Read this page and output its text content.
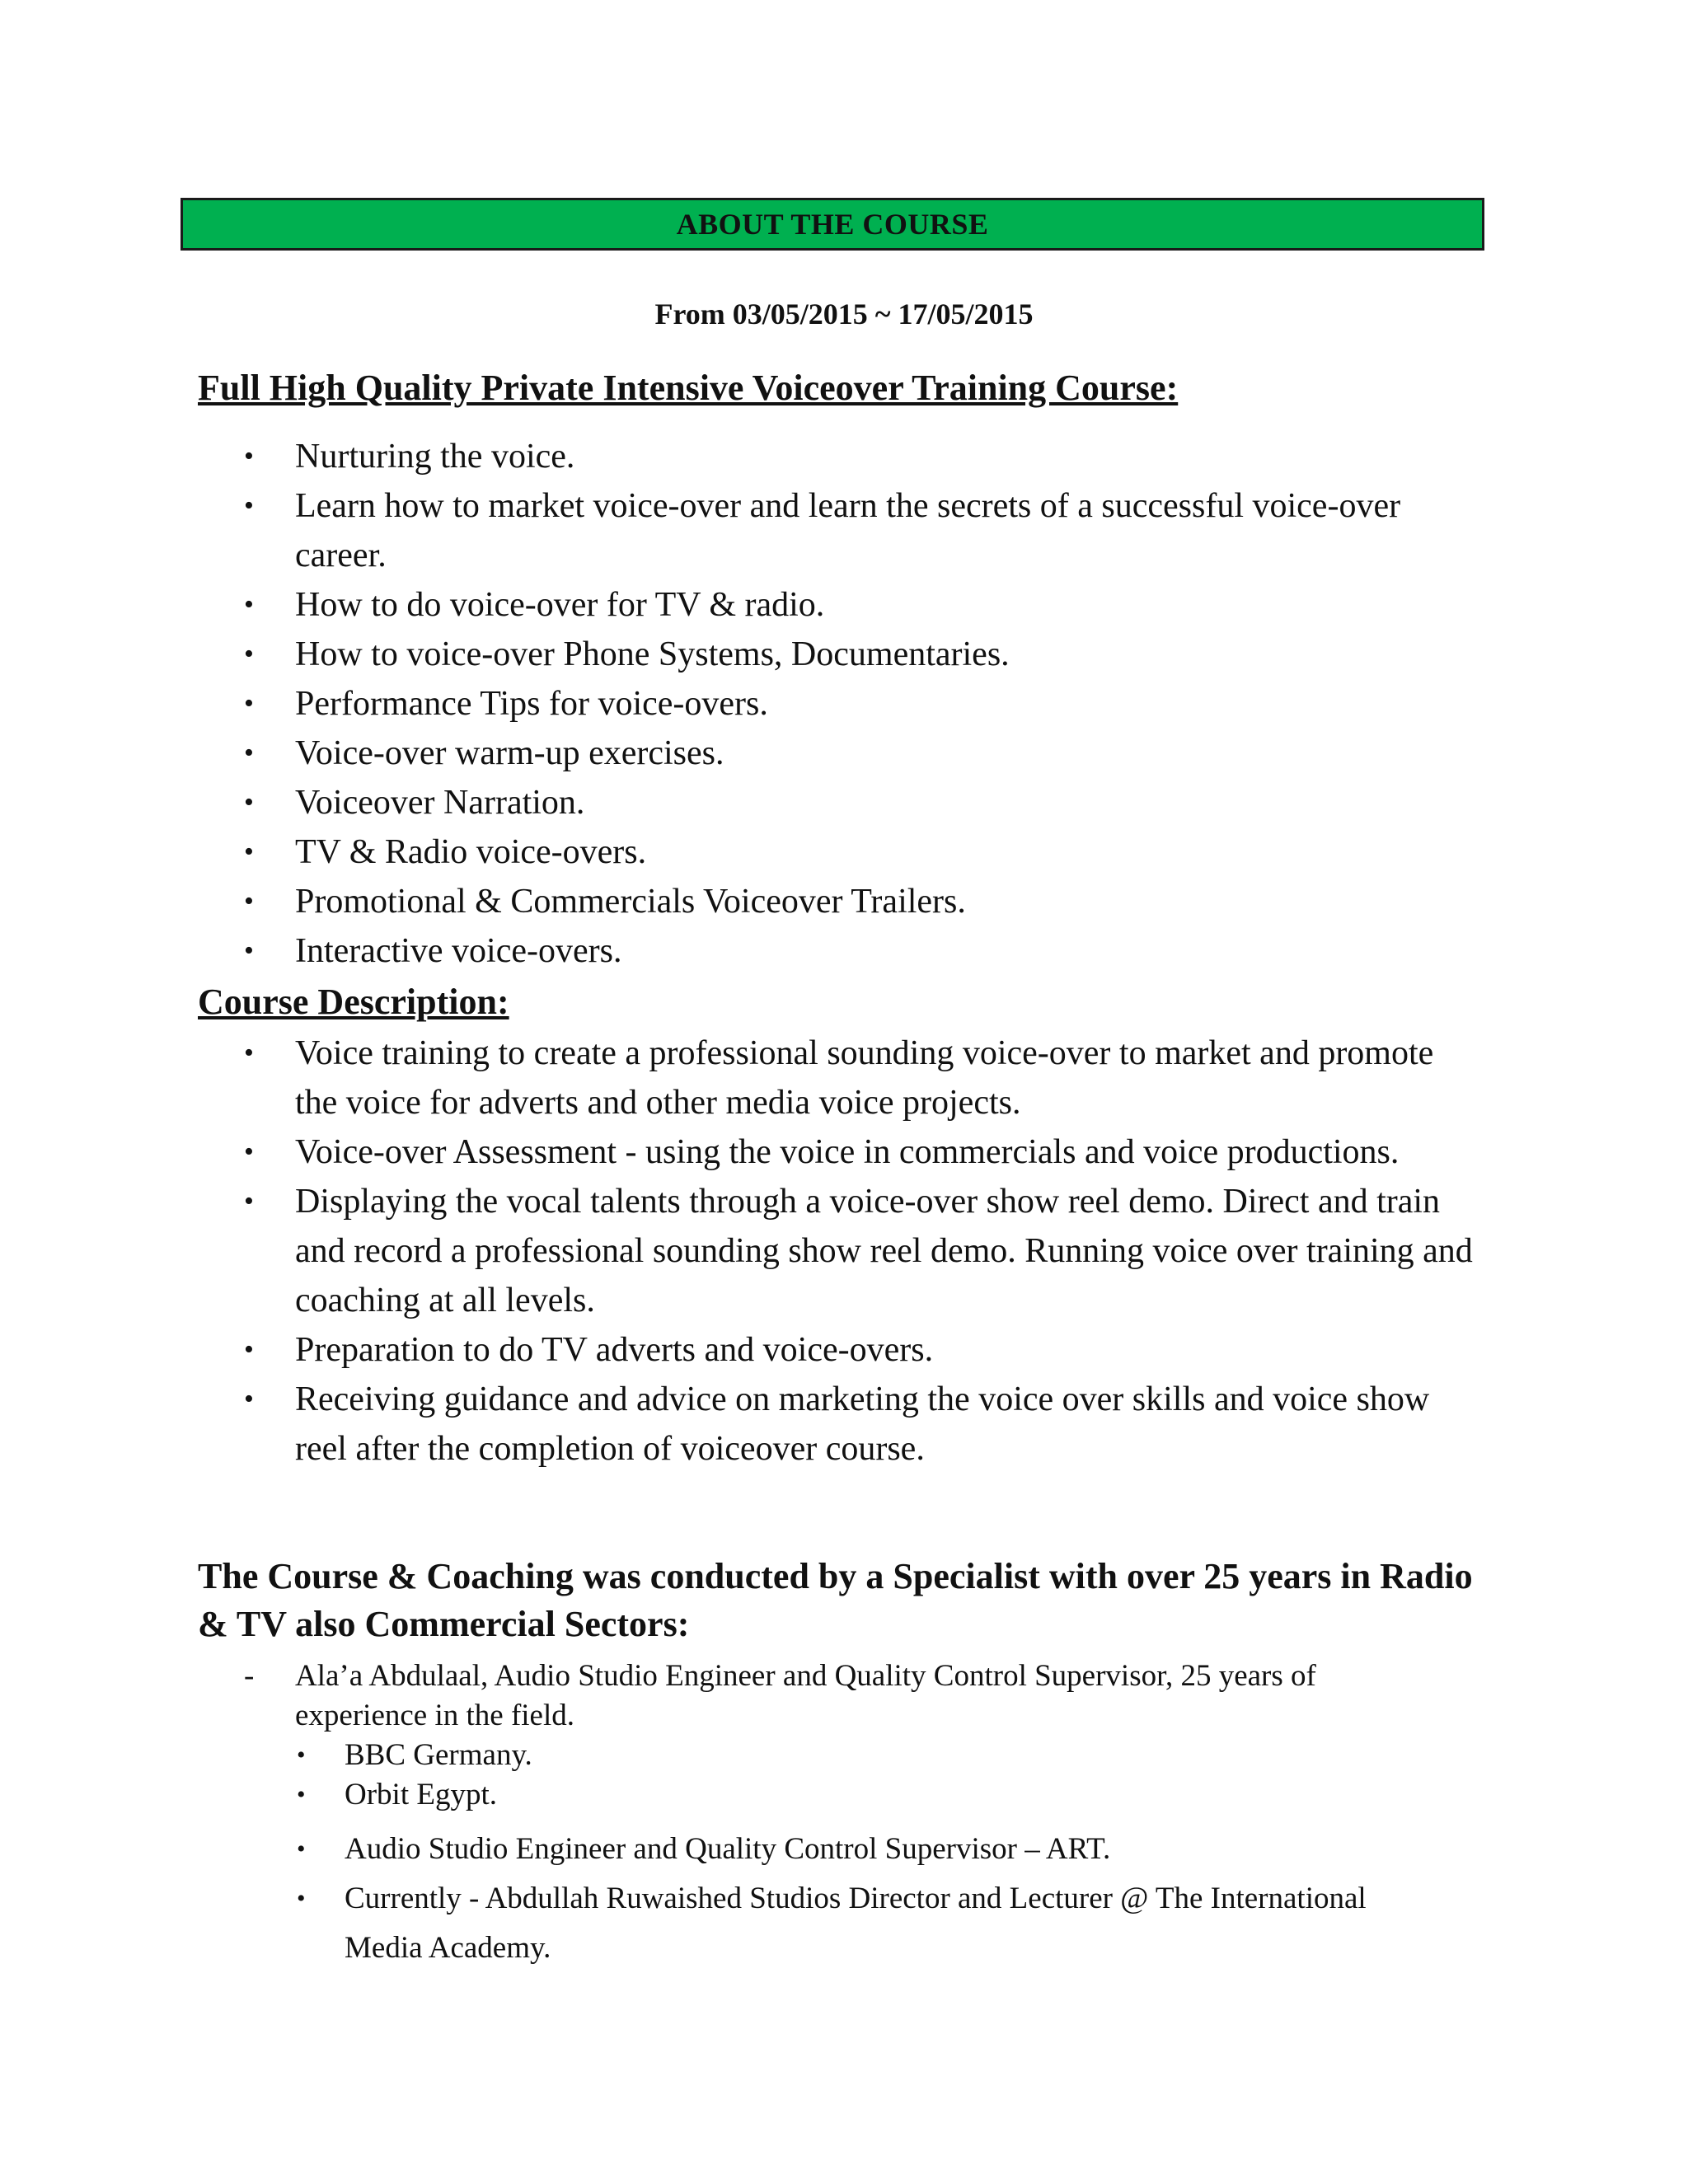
ABOUT THE COURSE
From 03/05/2015 ~ 17/05/2015
Full High Quality Private Intensive Voiceover Training Course:
• Nurturing the voice.
• Learn how to market voice-over and learn the secrets of a successful voice-over career.
• How to do voice-over for TV & radio.
• How to voice-over Phone Systems, Documentaries.
• Performance Tips for voice-overs.
• Voice-over warm-up exercises.
• Voiceover Narration.
• TV & Radio voice-overs.
• Promotional & Commercials Voiceover Trailers.
• Interactive voice-overs.
Course Description:
• Voice training to create a professional sounding voice-over to market and promote the voice for adverts and other media voice projects.
• Voice-over Assessment - using the voice in commercials and voice productions.
• Displaying the vocal talents through a voice-over show reel demo. Direct and train and record a professional sounding show reel demo. Running voice over training and coaching at all levels.
• Preparation to do TV adverts and voice-overs.
• Receiving guidance and advice on marketing the voice over skills and voice show reel after the completion of voiceover course.
The Course & Coaching was conducted by a Specialist with over 25 years in Radio & TV also Commercial Sectors:
- Ala’a Abdulaal, Audio Studio Engineer and Quality Control Supervisor, 25 years of experience in the field.
• BBC Germany.
• Orbit Egypt.
• Audio Studio Engineer and Quality Control Supervisor – ART.
• Currently - Abdullah Ruwaished Studios Director and Lecturer @ The International Media Academy.
